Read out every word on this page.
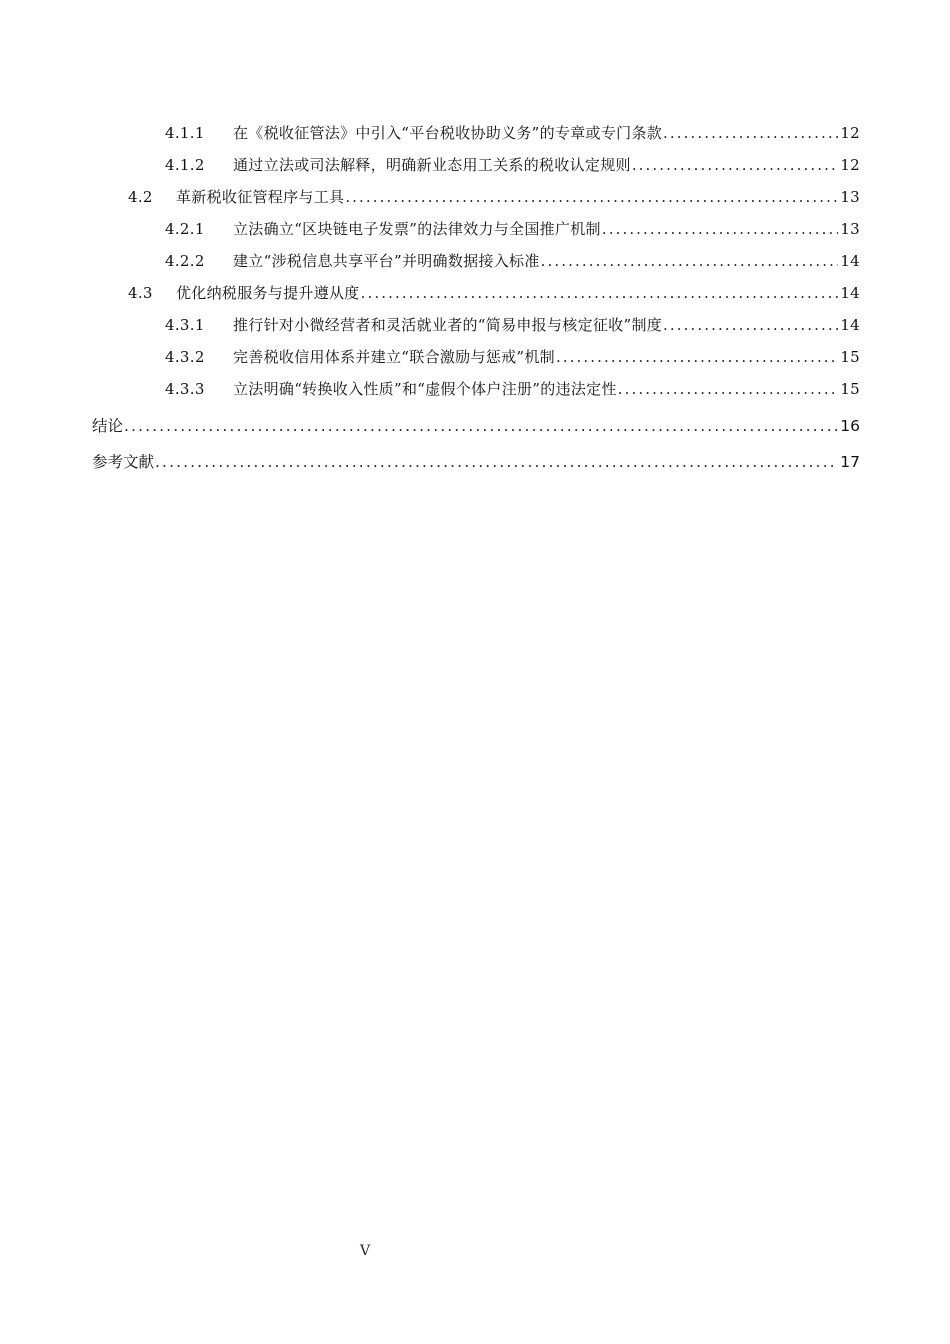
4.1.1	在《税收征管法》中引入“平台税收协助义务”的专章或专门条款 .....	12
4.1.2	通过立法或司法解释，明确新业态用工关系的税收认定规则 .....	12
4.2	革新税收征管程序与工具 .....	13
4.2.1	立法确立“区块链电子发票”的法律效力与全国推广机制 .....	13
4.2.2	建立“涉税信息共享平台”并明确数据接入标准 .....	14
4.3	优化纳税服务与提升遵从度 .....	14
4.3.1	推行针对小微经营者和灵活就业者的“简易申报与核定征收”制度 .....	14
4.3.2	完善税收信用体系并建立“联合激励与惩戒”机制 .....	15
4.3.3	立法明确“转换收入性质”和“虚假个体户注册”的违法定性 .....	15
结论 .....	16
参考文献 .....	17
V
